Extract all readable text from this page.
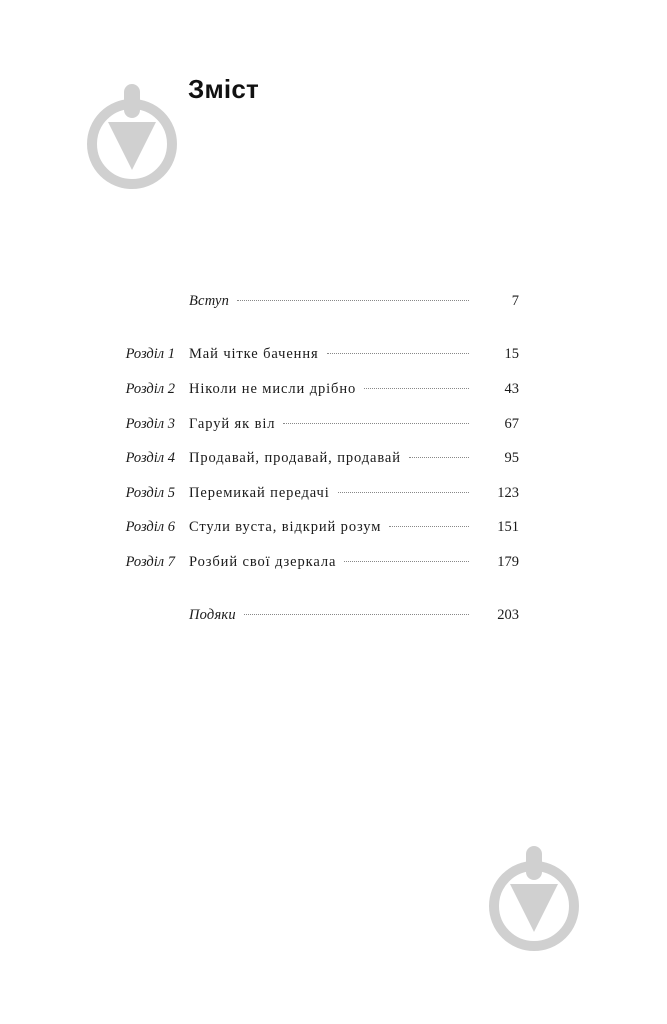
Зміст
Вступ	7
Розділ 1 Май чітке бачення	15
Розділ 2 Ніколи не мисли дрібно	43
Розділ 3 Гаруй як віл	67
Розділ 4 Продавай, продавай, продавай	95
Розділ 5 Перемикай передачі	123
Розділ 6 Стули вуста, відкрий розум	151
Розділ 7 Розбий свої дзеркала	179
Подяки	203
